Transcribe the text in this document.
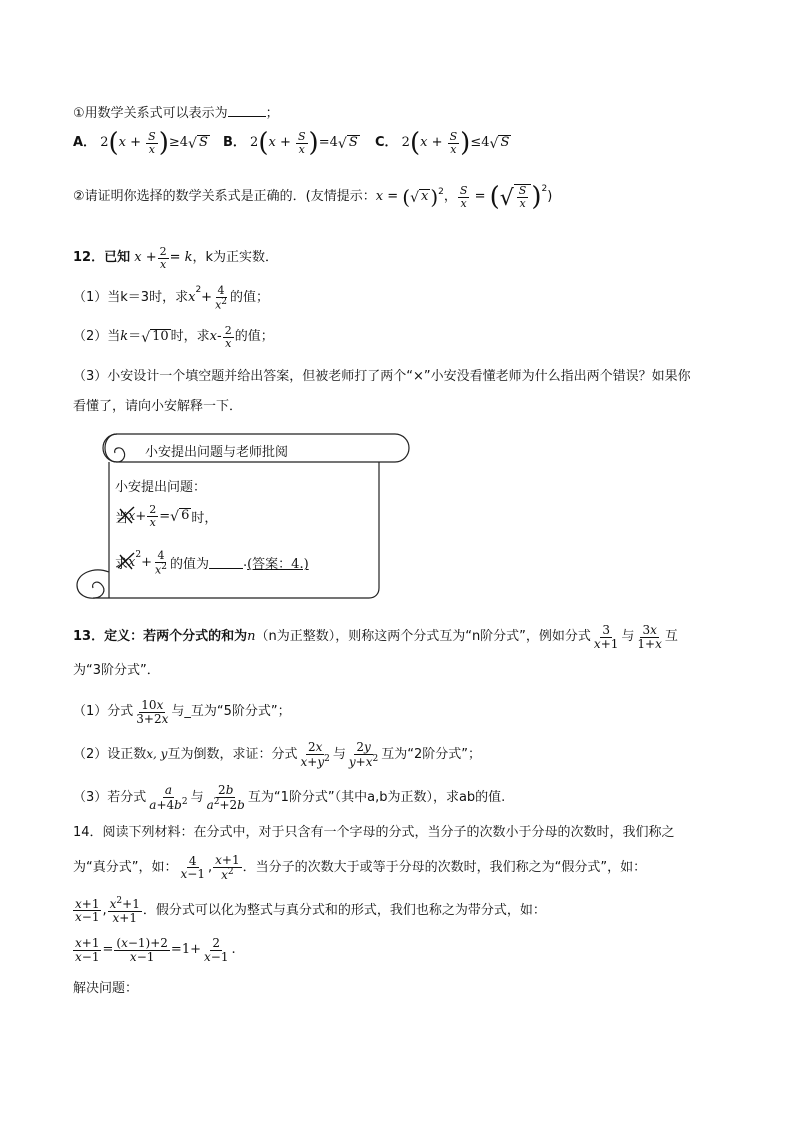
①用数学关系式可以表示为	；
A． 2 ( x + S
x ) ≥ 4 √ S B． 2 ( x + S
x ) = 4 √ S C． 2 ( x + S
x ) ≤ 4 √ S
②请证明你选择的数学关系式是正确的．(友情提示： x = ( √ x )$^2$ ， S
x = ( √ $\frac{S}{x} )^2$
)
12．已知
x + 2
x = k ，k为正实数．
（1）当 k＝3时，求 x
$^2$
+ 4
$x^2$ 的值；
（2）当 k ＝ √ 10 时，求 x - 2
x 的值；
（3）小安设计一个填空题并给出答案，但被老师打了两个“×”小安没看懂老师为什么指出两个错误？如果你
看懂了，请向小安解释一下．
小安提出问题与老师批阅
小安提出问题：
当 x + 2
x = √ 6 时，
求 x
$^2$
+ 4
$x^2$ 的值为	. (答案：4.)
13．定义：若两个分式的和为 n （n为正整数），则称这两个分式互为“n阶分式”，例如分式 3
x+1 与 3x
1+x 互
为“3阶分式”．
（1）分式 10x
3+2x 与_互为“5阶分式”；
（2）设正数 x, y 互为倒数，求证：分式 2x
$x+y^2$ 与 2y
$y+x^2$ 互为“2阶分式”；
（3）若分式 a
$a+4b^2$ 与 2b
$a^2+2b$ 互为“1阶分式”（其中a,b为正数），求ab的值.
14．阅读下列材料：在分式中，对于只含有一个字母的分式，当分子的次数小于分母的次数时，我们称之
为“真分式”，如： 4
x−1 , x+1
$x^2$ ．当分子的次数大于或等于分母的次数时，我们称之为“假分式”，如：
x+1
x−1 , $x^2+1$
x+1 ．假分式可以化为整式与真分式和的形式，我们也称之为带分式，如：
$\frac{x+1}{x-1} = \frac{(x-1)+2}{x-1} =1+ \frac{2}{x-1}$ .
解决问题：
